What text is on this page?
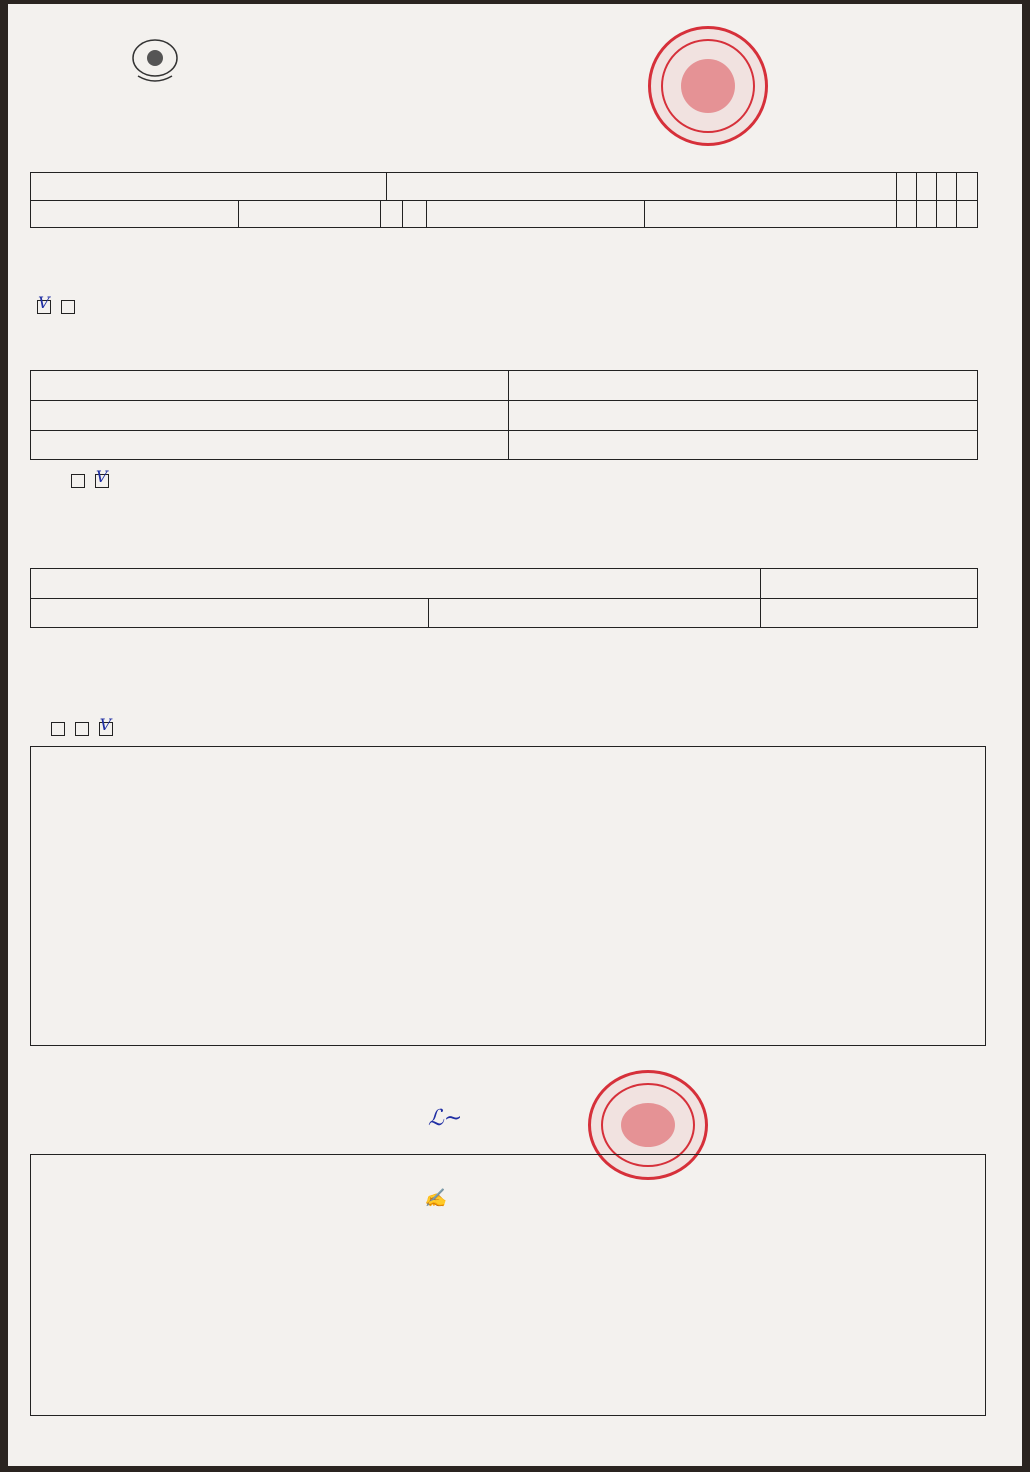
V

V

V
ℒ~
✍
